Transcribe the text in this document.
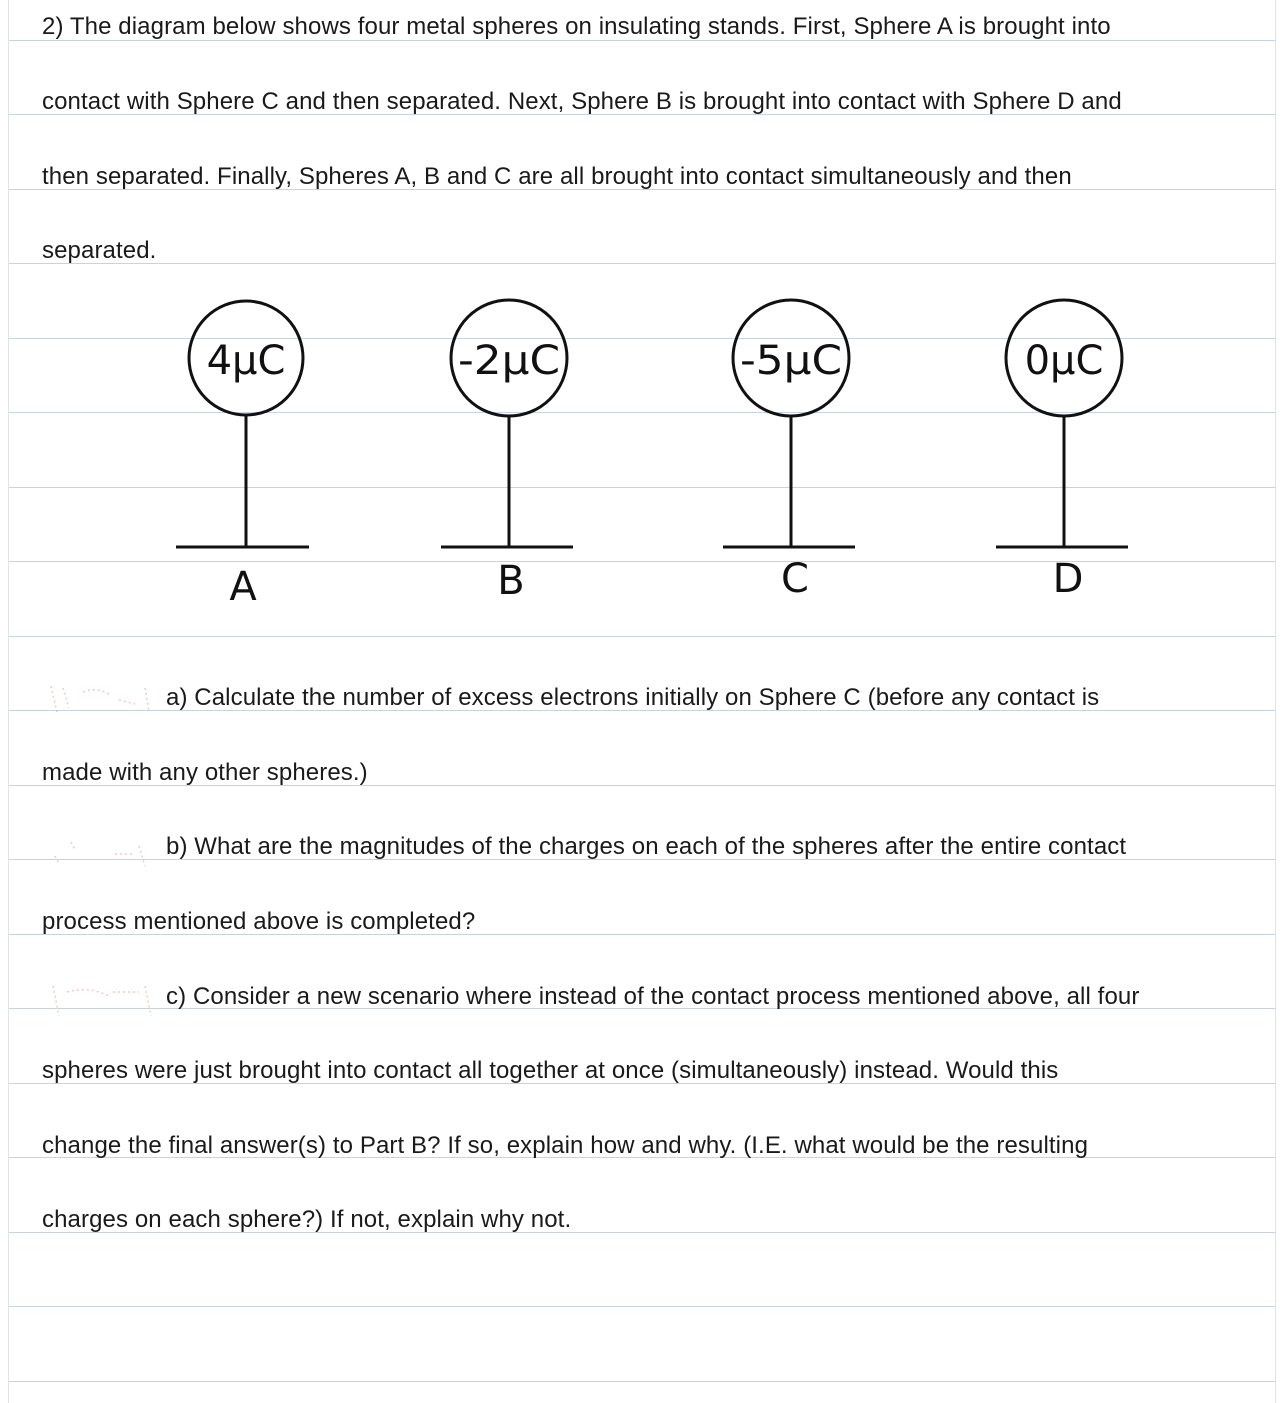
2) The diagram below shows four metal spheres on insulating stands. First, Sphere A is brought into
contact with Sphere C and then separated. Next, Sphere B is brought into contact with Sphere D and
then separated. Finally, Spheres A, B and C are all brought into contact simultaneously and then
separated.
4μC	-2μC	-5μC	0μC
A	B	C	D
a) Calculate the number of excess electrons initially on Sphere C (before any contact is
made with any other spheres.)
b) What are the magnitudes of the charges on each of the spheres after the entire contact
process mentioned above is completed?
c) Consider a new scenario where instead of the contact process mentioned above, all four
spheres were just brought into contact all together at once (simultaneously) instead. Would this
change the final answer(s) to Part B? If so, explain how and why. (I.E. what would be the resulting
charges on each sphere?) If not, explain why not.
